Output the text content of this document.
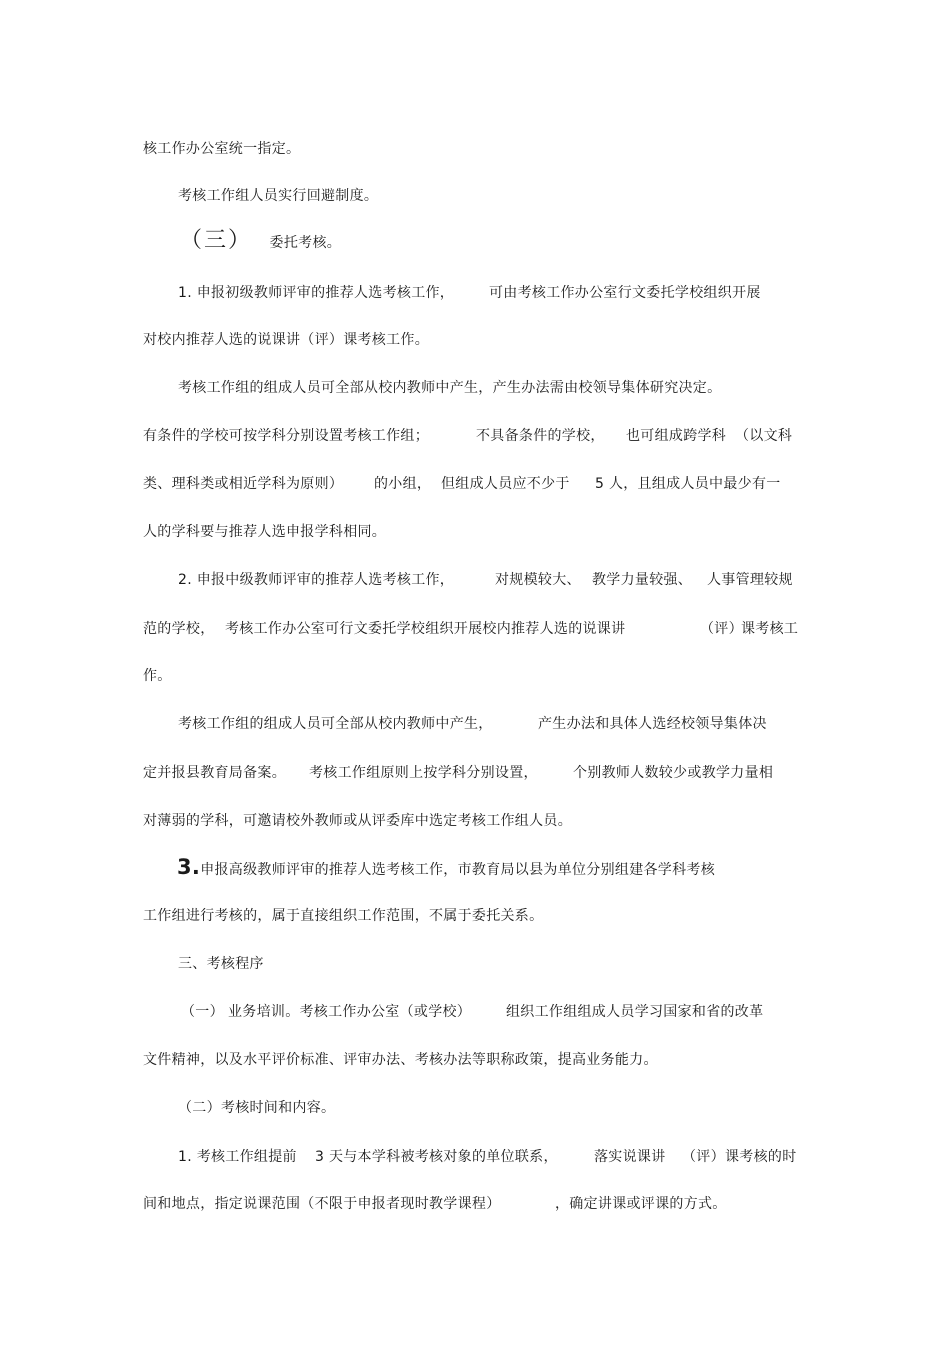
核工作办公室统一指定。
考核工作组人员实行回避制度。
（三） 委托考核。
1. 申报初级教师评审的推荐人选考核工作， 可由考核工作办公室行文委托学校组织开展
对校内推荐人选的说课讲（评）课考核工作。
考核工作组的组成人员可全部从校内教师中产生，产生办法需由校领导集体研究决定。
有条件的学校可按学科分别设置考核工作组；	不具备条件的学校， 也可组成跨学科 （以文科
类、理科类或相近学科为原则） 的小组， 但组成人员应不少于 5 人，且组成人员中最少有一
人的学科要与推荐人选申报学科相同。
2. 申报中级教师评审的推荐人选考核工作，	对规模较大、 教学力量较强、 人事管理较规
范的学校， 考核工作办公室可行文委托学校组织开展校内推荐人选的说课讲	（评）
课考核工
作。
考核工作组的组成人员可全部从校内教师中产生，	产生办法和具体人选经校领导集体决
定并报县教育局备案。 考核工作组原则上按学科分别设置，	个别教师人数较少或教学力量相
对薄弱的学科，可邀请校外教师或从评委库中选定考核工作组人员。
3.申报高级教师评审的推荐人选考核工作，市教育局以县为单位分别组建各学科考核
工作组进行考核的，属于直接组织工作范围，不属于委托关系。
三、考核程序
（一） 业务培训。考核工作办公室（或学校） 组织工作组组成人员学习国家和省的改革
文件精神，以及水平评价标准、评审办法、考核办法等职称政策，提高业务能力。
（二）考核时间和内容。
1. 考核工作组提前 3 天与本学科被考核对象的单位联系，	落实说课讲 （评） 课考核的时
间和地点，指定说课范围（不限于申报者现时教学课程）	，确定讲课或评课的方式。
